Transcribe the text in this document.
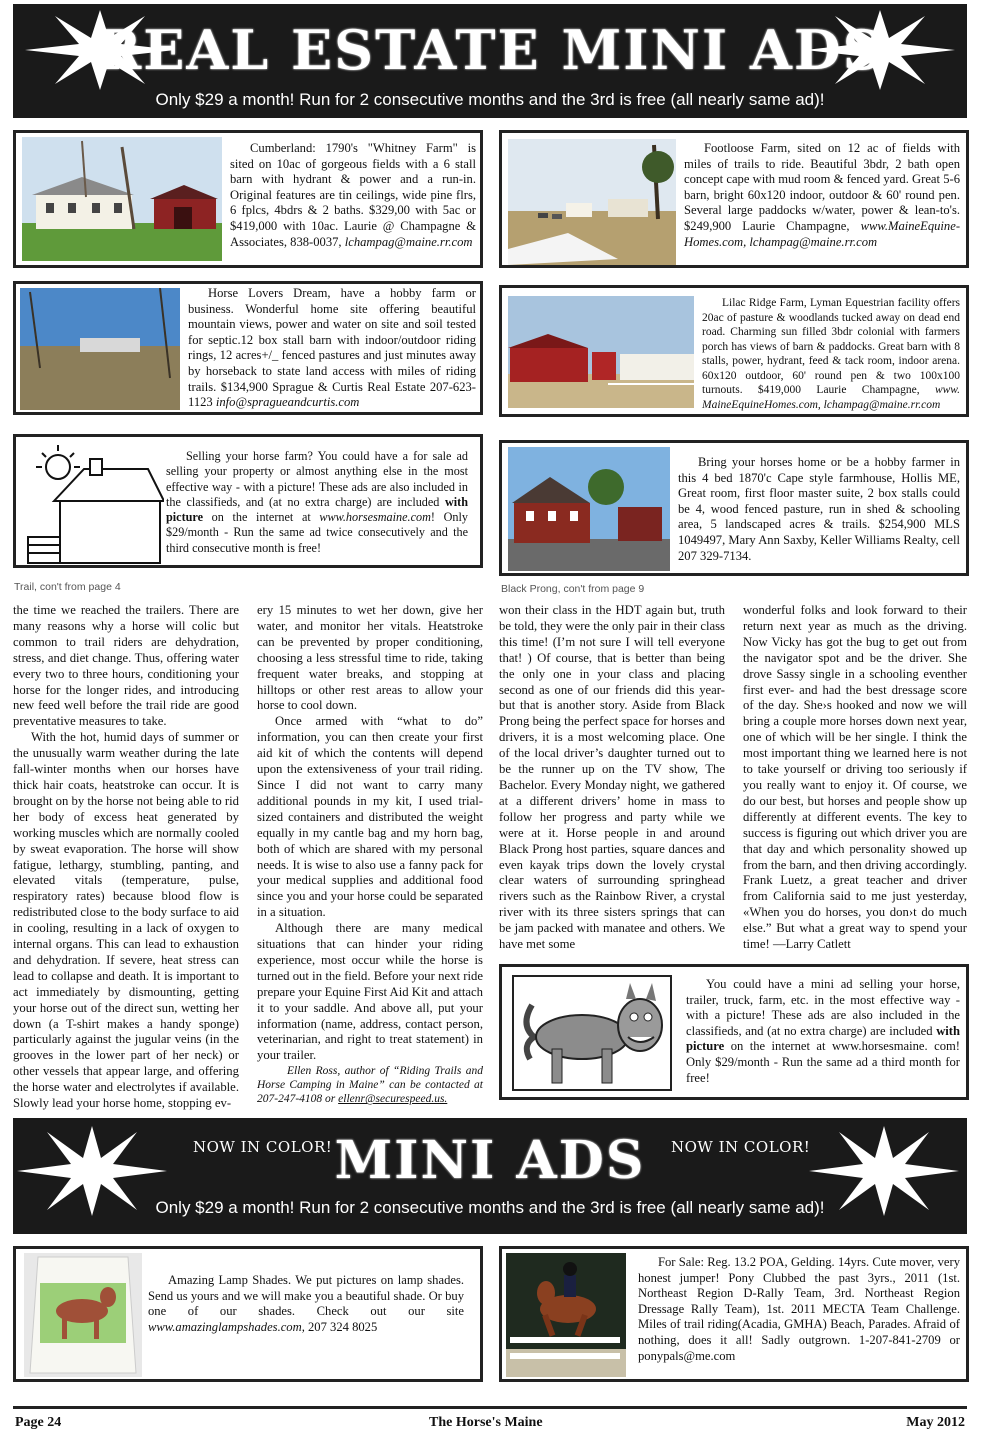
REAL ESTATE MINI ADS
Only $29 a month! Run for 2 consecutive months and the 3rd is free (all nearly same ad)!

Cumberland: 1790's "Whitney Farm" is sited on 10ac of gorgeous fields with a 6 stall barn with hydrant & power and a run-in. Original features are tin ceilings, wide pine flrs, 6 fplcs, 4bdrs & 2 baths. $329,00 with 5ac or $419,000 with 10ac. Laurie @ Champagne & Associates, 838-0037, lchampag@maine.rr.com

Footloose Farm, sited on 12 ac of fields with miles of trails to ride. Beautiful 3bdr, 2 bath open concept cape with mud room & fenced yard. Great 5-6 barn, bright 60x120 indoor, outdoor & 60' round pen. Several large paddocks w/water, power & lean-to's. $249,900 Laurie Champagne, www.MaineEquine-Homes.com, lchampag@maine.rr.com

Horse Lovers Dream, have a hobby farm or business. Wonderful home site offering beautiful mountain views, power and water on site and soil tested for septic.12 box stall barn with indoor/outdoor riding rings, 12 acres+/_ fenced pastures and just minutes away by horseback to state land access with miles of riding trails. $134,900 Sprague & Curtis Real Estate 207-623-1123 info@spragueandcurtis.com

Lilac Ridge Farm, Lyman Equestrian facility offers 20ac of pasture & woodlands tucked away on dead end road. Charming sun filled 3bdr colonial with farmers porch has views of barn & paddocks. Great barn with 8 stalls, power, hydrant, feed & tack room, indoor arena. 60x120 outdoor, 60' round pen & two 100x100 turnouts. $419,000 Laurie Champagne, www. MaineEquineHomes.com, lchampag@maine.rr.com

Selling your horse farm? You could have a for sale ad selling your property or almost anything else in the most effective way - with a picture! These ads are also included in the classifieds, and (at no extra charge) are included with picture on the internet at www.horsesmaine.com! Only $29/month - Run the same ad twice consecutively and the third consecutive month is free!

Bring your horses home or be a hobby farmer in this 4 bed 1870'c Cape style farmhouse, Hollis ME, Great room, first floor master suite, 2 box stalls could be 4, wood fenced pasture, run in shed & schooling area, 5 landscaped acres & trails. $254,900 MLS 1049497, Mary Ann Saxby, Keller Williams Realty, cell 207 329-7134.

Trail, con't from page 4	Black Prong, con't from page 9

the time we reached the trailers. There are many reasons why a horse will colic but common to trail riders are dehydration, stress, and diet change. Thus, offering water every two to three hours, conditioning your horse for the longer rides, and introducing new feed well before the trail ride are good preventative measures to take.

With the hot, humid days of summer or the unusually warm weather during the late fall-winter months when our horses have thick hair coats, heatstroke can occur. It is brought on by the horse not being able to rid her body of excess heat generated by working muscles which are normally cooled by sweat evaporation. The horse will show fatigue, lethargy, stumbling, panting, and elevated vitals (temperature, pulse, respiratory rates) because blood flow is redistributed close to the body surface to aid in cooling, resulting in a lack of oxygen to internal organs. This can lead to exhaustion and dehydration. If severe, heat stress can lead to collapse and death. It is important to act immediately by dismounting, getting your horse out of the direct sun, wetting her down (a T-shirt makes a handy sponge) particularly against the jugular veins (in the grooves in the lower part of her neck) or other vessels that appear large, and offering the horse water and electrolytes if available. Slowly lead your horse home, stopping ev-

ery 15 minutes to wet her down, give her water, and monitor her vitals. Heatstroke can be prevented by proper conditioning, choosing a less stressful time to ride, taking frequent water breaks, and stopping at hilltops or other rest areas to allow your horse to cool down.

Once armed with “what to do” information, you can then create your first aid kit of which the contents will depend upon the extensiveness of your trail riding. Since I did not want to carry many additional pounds in my kit, I used trial-sized containers and distributed the weight equally in my cantle bag and my horn bag, both of which are shared with my personal needs. It is wise to also use a fanny pack for your medical supplies and additional food since you and your horse could be separated in a situation.

Although there are many medical situations that can hinder your riding experience, most occur while the horse is turned out in the field. Before your next ride prepare your Equine First Aid Kit and attach it to your saddle. And above all, put your information (name, address, contact person, veterinarian, and right to treat statement) in your trailer.

Ellen Ross, author of “Riding Trails and Horse Camping in Maine” can be contacted at 207-247-4108 or ellenr@securespeed.us.

won their class in the HDT again but, truth be told, they were the only pair in their class this time! (I’m not sure I will tell everyone that! ) Of course, that is better than being the only one in your class and placing second as one of our friends did this year- but that is another story. Aside from Black Prong being the perfect space for horses and drivers, it is a most welcoming place. One of the local driver’s daughter turned out to be the runner up on the TV show, The Bachelor. Every Monday night, we gathered at a different drivers’ home in mass to follow her progress and party while we were at it. Horse people in and around Black Prong host parties, square dances and even kayak trips down the lovely crystal clear waters of surrounding springhead rivers such as the Rainbow River, a crystal river with its three sisters springs that can be jam packed with manatee and others. We have met some

wonderful folks and look forward to their return next year as much as the driving. Now Vicky has got the bug to get out from the navigator spot and be the driver. She drove Sassy single in a schooling eventher first ever- and had the best dressage score of the day. She›s hooked and now we will bring a couple more horses down next year, one of which will be her single. I think the most important thing we learned here is not to take yourself or driving too seriously if you really want to enjoy it. Of course, we do our best, but horses and people show up differently at different events. The key to success is figuring out which driver you are that day and which personality showed up from the barn, and then driving accordingly. Frank Luetz, a great teacher and driver from California said to me just yesterday, «When you do horses, you don›t do much else.” But what a great way to spend your time! —Larry Catlett

You could have a mini ad selling your horse, trailer, truck, farm, etc. in the most effective way - with a picture! These ads are also included in the classifieds, and (at no extra charge) are included with picture on the internet at www.horsesmaine. com! Only $29/month - Run the same ad a third month for free!

NOW IN COLOR!	NOW IN COLOR!
MINI ADS
Only $29 a month! Run for 2 consecutive months and the 3rd is free (all nearly same ad)!

Amazing Lamp Shades. We put pictures on lamp shades. Send us yours and we will make you a beautiful shade. Or buy one of our shades. Check out our site www.amazinglampshades.com, 207 324 8025

For Sale: Reg. 13.2 POA, Gelding. 14yrs. Cute mover, very honest jumper! Pony Clubbed the past 3yrs., 2011 (1st. Northeast Region D-Rally Team, 3rd. Northeast Region Dressage Rally Team), 1st. 2011 MECTA Team Challenge. Miles of trail riding(Acadia, GMHA) Beach, Parades. Afraid of nothing, does it all! Sadly outgrown. 1-207-841-2709 or ponypals@me.com

Page 24	The Horse's Maine	May 2012
